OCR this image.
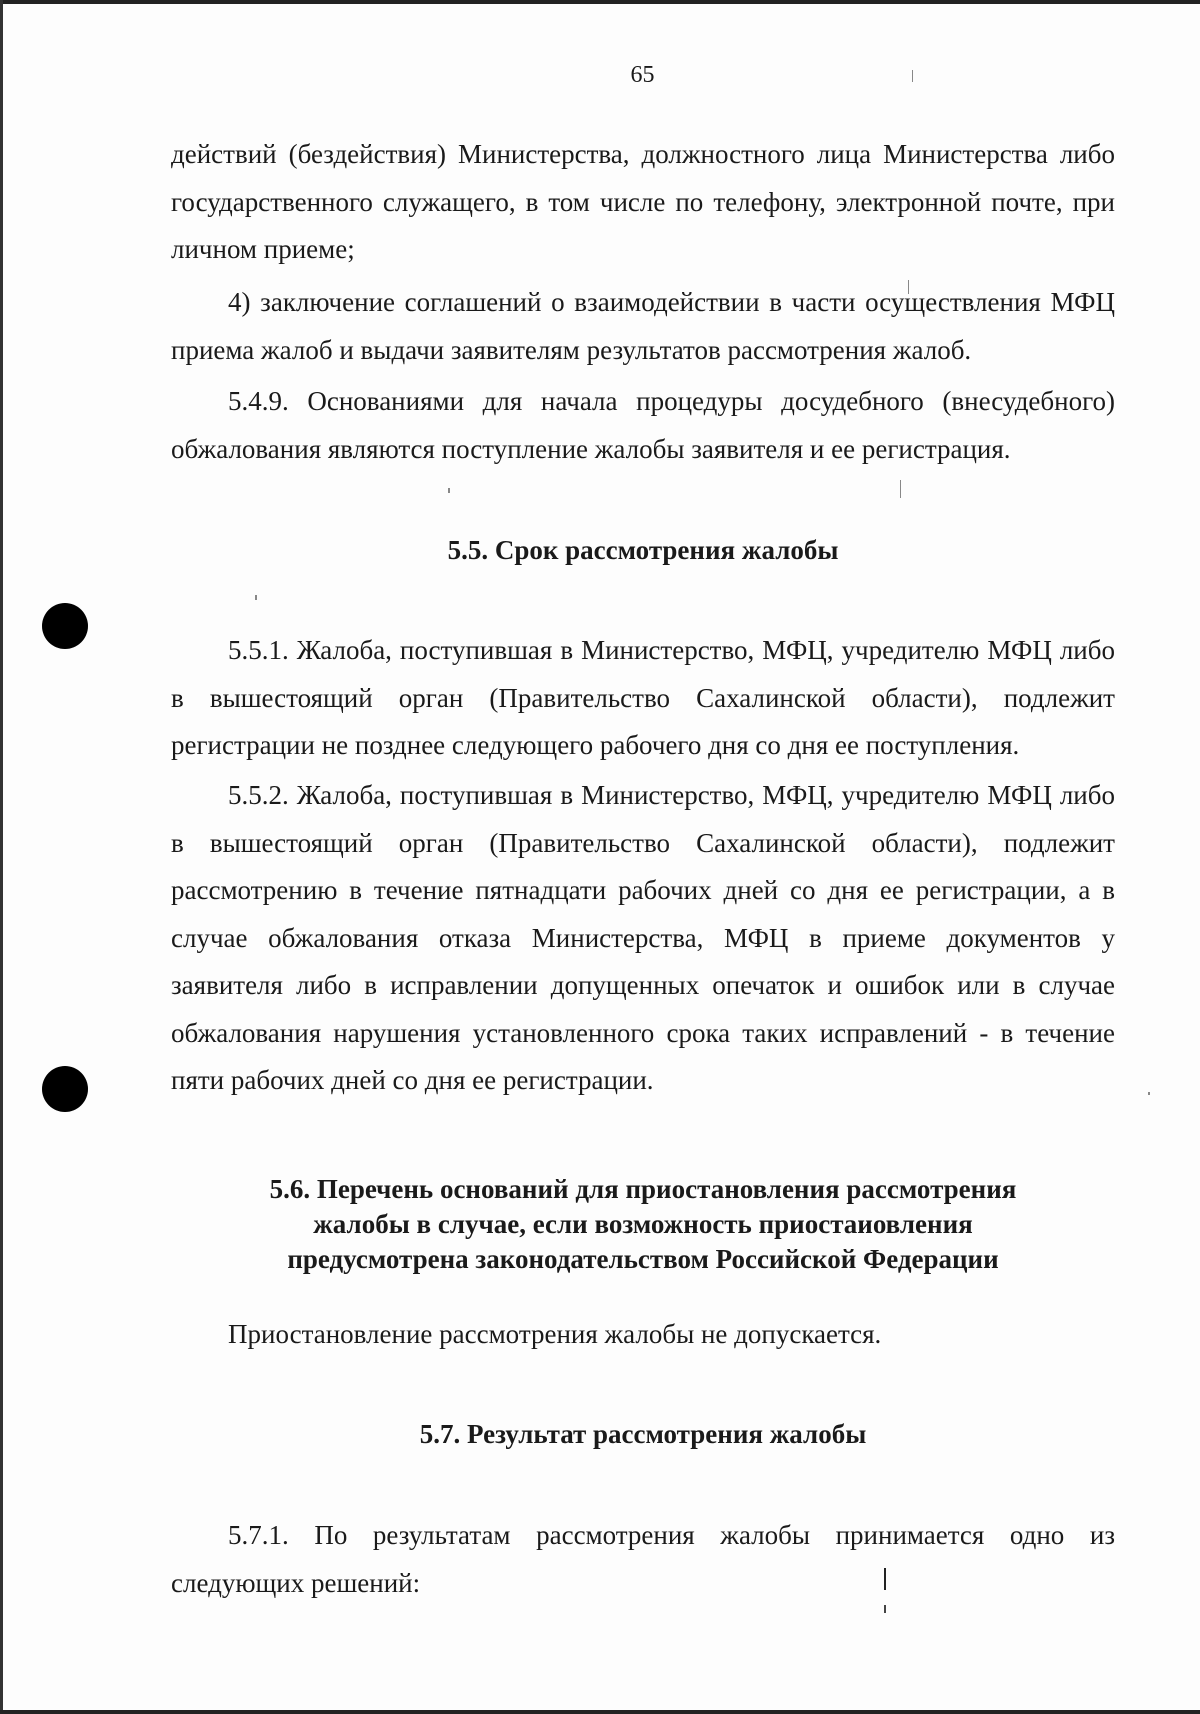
65

действий (бездействия) Министерства, должностного лица Министерства либо государственного служащего, в том числе по телефону, электронной почте, при личном приеме;

4) заключение соглашений о взаимодействии в части осуществления МФЦ приема жалоб и выдачи заявителям результатов рассмотрения жалоб.

5.4.9. Основаниями для начала процедуры досудебного (внесудебного) обжалования являются поступление жалобы заявителя и ее регистрация.

5.5. Срок рассмотрения жалобы

5.5.1. Жалоба, поступившая в Министерство, МФЦ, учредителю МФЦ либо в вышестоящий орган (Правительство Сахалинской области), подлежит регистрации не позднее следующего рабочего дня со дня ее поступления.

5.5.2. Жалоба, поступившая в Министерство, МФЦ, учредителю МФЦ либо в вышестоящий орган (Правительство Сахалинской области), подлежит рассмотрению в течение пятнадцати рабочих дней со дня ее регистрации, а в случае обжалования отказа Министерства, МФЦ в приеме документов у заявителя либо в исправлении допущенных опечаток и ошибок или в случае обжалования нарушения установленного срока таких исправлений - в течение пяти рабочих дней со дня ее регистрации.

5.6. Перечень оснований для приостановления рассмотрения
жалобы в случае, если возможность приостаиовления
предусмотрена законодательством Российской Федерации

Приостановление рассмотрения жалобы не допускается.

5.7. Результат рассмотрения жалобы

5.7.1. По результатам рассмотрения жалобы принимается одно из следующих решений:
